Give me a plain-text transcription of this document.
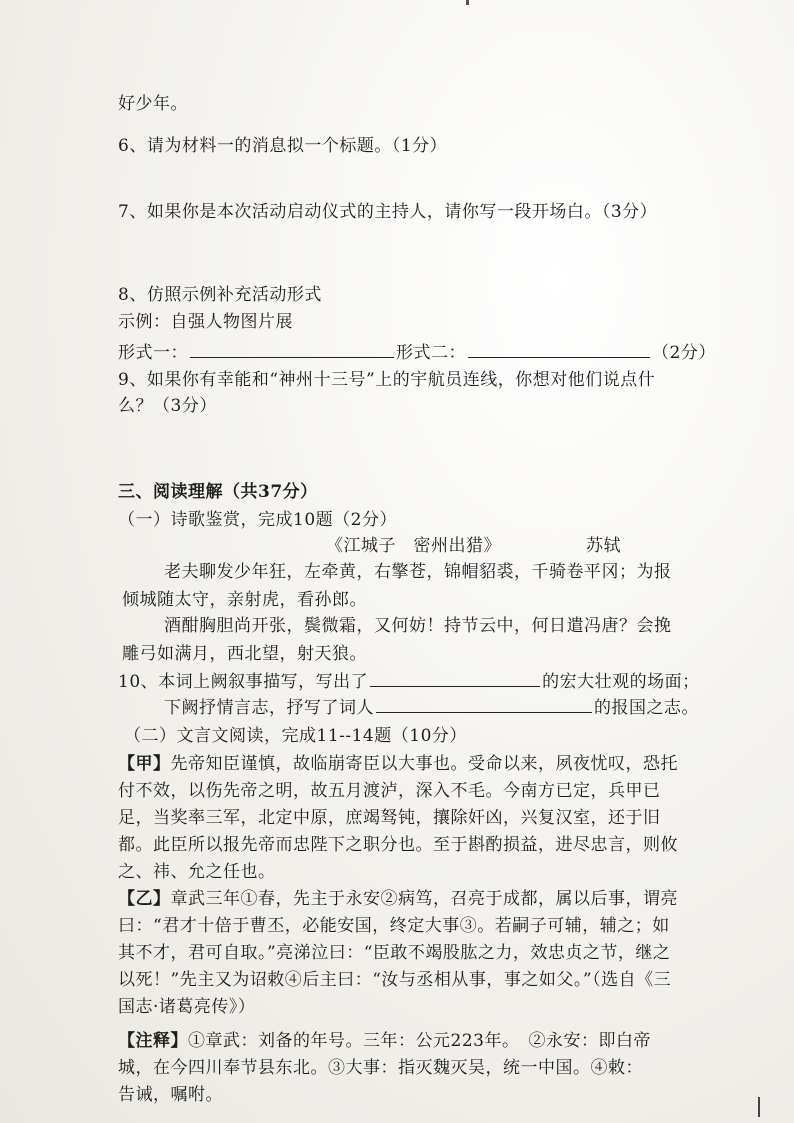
好少年。
6、请为材料一的消息拟一个标题。（1分）
7、如果你是本次活动启动仪式的主持人，请你写一段开场白。（3分）
8、仿照示例补充活动形式
示例：自强人物图片展
形式一：	形式二：	（2分）
9、如果你有幸能和“神州十三号”上的宇航员连线，你想对他们说点什
么？（3分）
三、阅读理解（共37分）
（一）诗歌鉴赏，完成10题（2分）
《江城子　密州出猎》	苏轼
老夫聊发少年狂，左牵黄，右擎苍，锦帽貂裘，千骑卷平冈；为报
倾城随太守，亲射虎，看孙郎。
酒酣胸胆尚开张，鬓微霜，又何妨！持节云中，何日遣冯唐？会挽
雕弓如满月，西北望，射天狼。
10、本词上阙叙事描写，写出了	的宏大壮观的场面；
下阙抒情言志，抒写了词人	的报国之志。
（二）文言文阅读，完成11--14题（10分）
【甲】先帝知臣谨慎，故临崩寄臣以大事也。受命以来，夙夜忧叹，恐托
付不效，以伤先帝之明，故五月渡泸，深入不毛。今南方已定，兵甲已
足，当奖率三军，北定中原，庶竭驽钝，攘除奸凶，兴复汉室，还于旧
都。此臣所以报先帝而忠陛下之职分也。至于斟酌损益，进尽忠言，则攸
之、祎、允之任也。
【乙】章武三年①春，先主于永安②病笃，召亮于成都，属以后事，谓亮
曰：“君才十倍于曹丕，必能安国，终定大事③。若嗣子可辅，辅之；如
其不才，君可自取。”亮涕泣曰：“臣敢不竭股肱之力，效忠贞之节，继之
以死！”先主又为诏敕④后主曰：“汝与丞相从事，事之如父。”（选自《三
国志·诸葛亮传》）
【注释】①章武：刘备的年号。三年：公元223年。　②永安：即白帝
城，在今四川奉节县东北。③大事：指灭魏灭吴，统一中国。④敕：
告诫，嘱咐。
